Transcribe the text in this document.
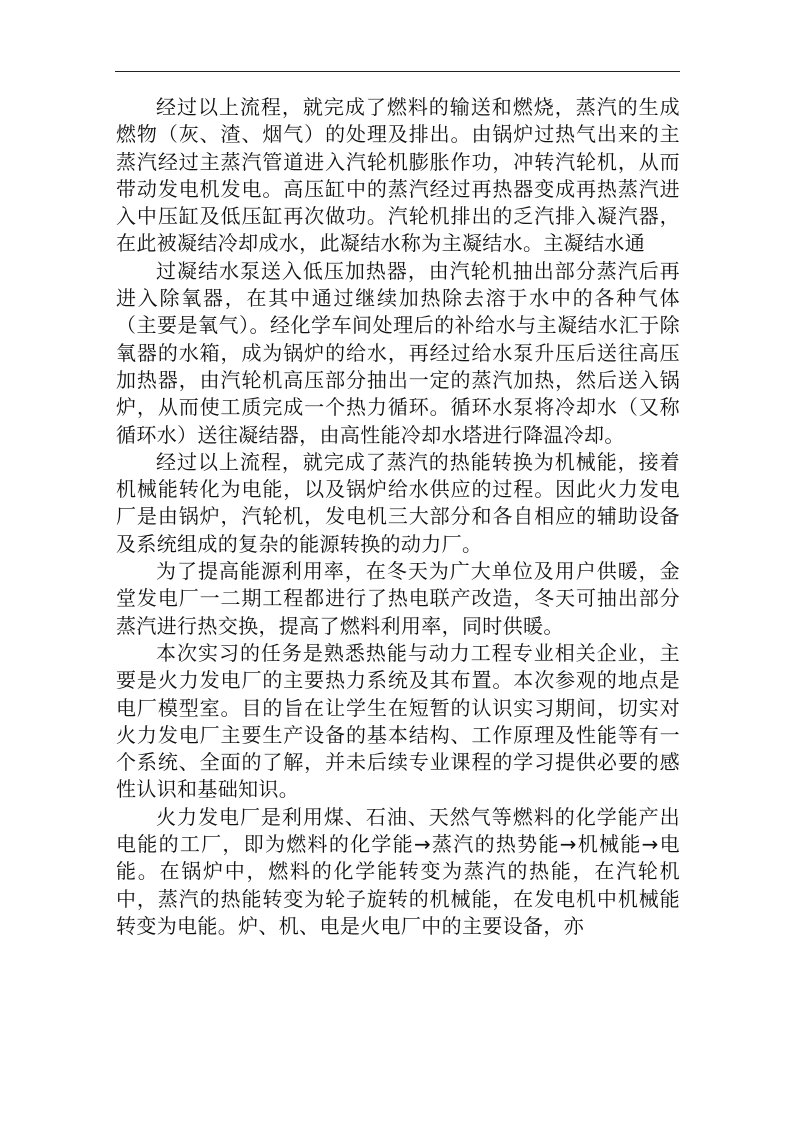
经过以上流程，就完成了燃料的输送和燃烧，蒸汽的生成燃物（灰、渣、烟气）的处理及排出。由锅炉过热气出来的主蒸汽经过主蒸汽管道进入汽轮机膨胀作功，冲转汽轮机，从而带动发电机发电。高压缸中的蒸汽经过再热器变成再热蒸汽进入中压缸及低压缸再次做功。汽轮机排出的乏汽排入凝汽器，在此被凝结冷却成水，此凝结水称为主凝结水。主凝结水通

过凝结水泵送入低压加热器，由汽轮机抽出部分蒸汽后再进入除氧器，在其中通过继续加热除去溶于水中的各种气体（主要是氧气）。经化学车间处理后的补给水与主凝结水汇于除氧器的水箱，成为锅炉的给水，再经过给水泵升压后送往高压加热器，由汽轮机高压部分抽出一定的蒸汽加热，然后送入锅炉，从而使工质完成一个热力循环。循环水泵将冷却水（又称循环水）送往凝结器，由高性能冷却水塔进行降温冷却。

经过以上流程，就完成了蒸汽的热能转换为机械能，接着机械能转化为电能，以及锅炉给水供应的过程。因此火力发电厂是由锅炉，汽轮机，发电机三大部分和各自相应的辅助设备及系统组成的复杂的能源转换的动力厂。

为了提高能源利用率，在冬天为广大单位及用户供暖，金堂发电厂一二期工程都进行了热电联产改造，冬天可抽出部分蒸汽进行热交换，提高了燃料利用率，同时供暖。

本次实习的任务是熟悉热能与动力工程专业相关企业，主要是火力发电厂的主要热力系统及其布置。本次参观的地点是电厂模型室。目的旨在让学生在短暂的认识实习期间，切实对火力发电厂主要生产设备的基本结构、工作原理及性能等有一个系统、全面的了解，并未后续专业课程的学习提供必要的感性认识和基础知识。

火力发电厂是利用煤、石油、天然气等燃料的化学能产出电能的工厂，即为燃料的化学能→蒸汽的热势能→机械能→电能。在锅炉中，燃料的化学能转变为蒸汽的热能，在汽轮机中，蒸汽的热能转变为轮子旋转的机械能，在发电机中机械能转变为电能。炉、机、电是火电厂中的主要设备，亦
